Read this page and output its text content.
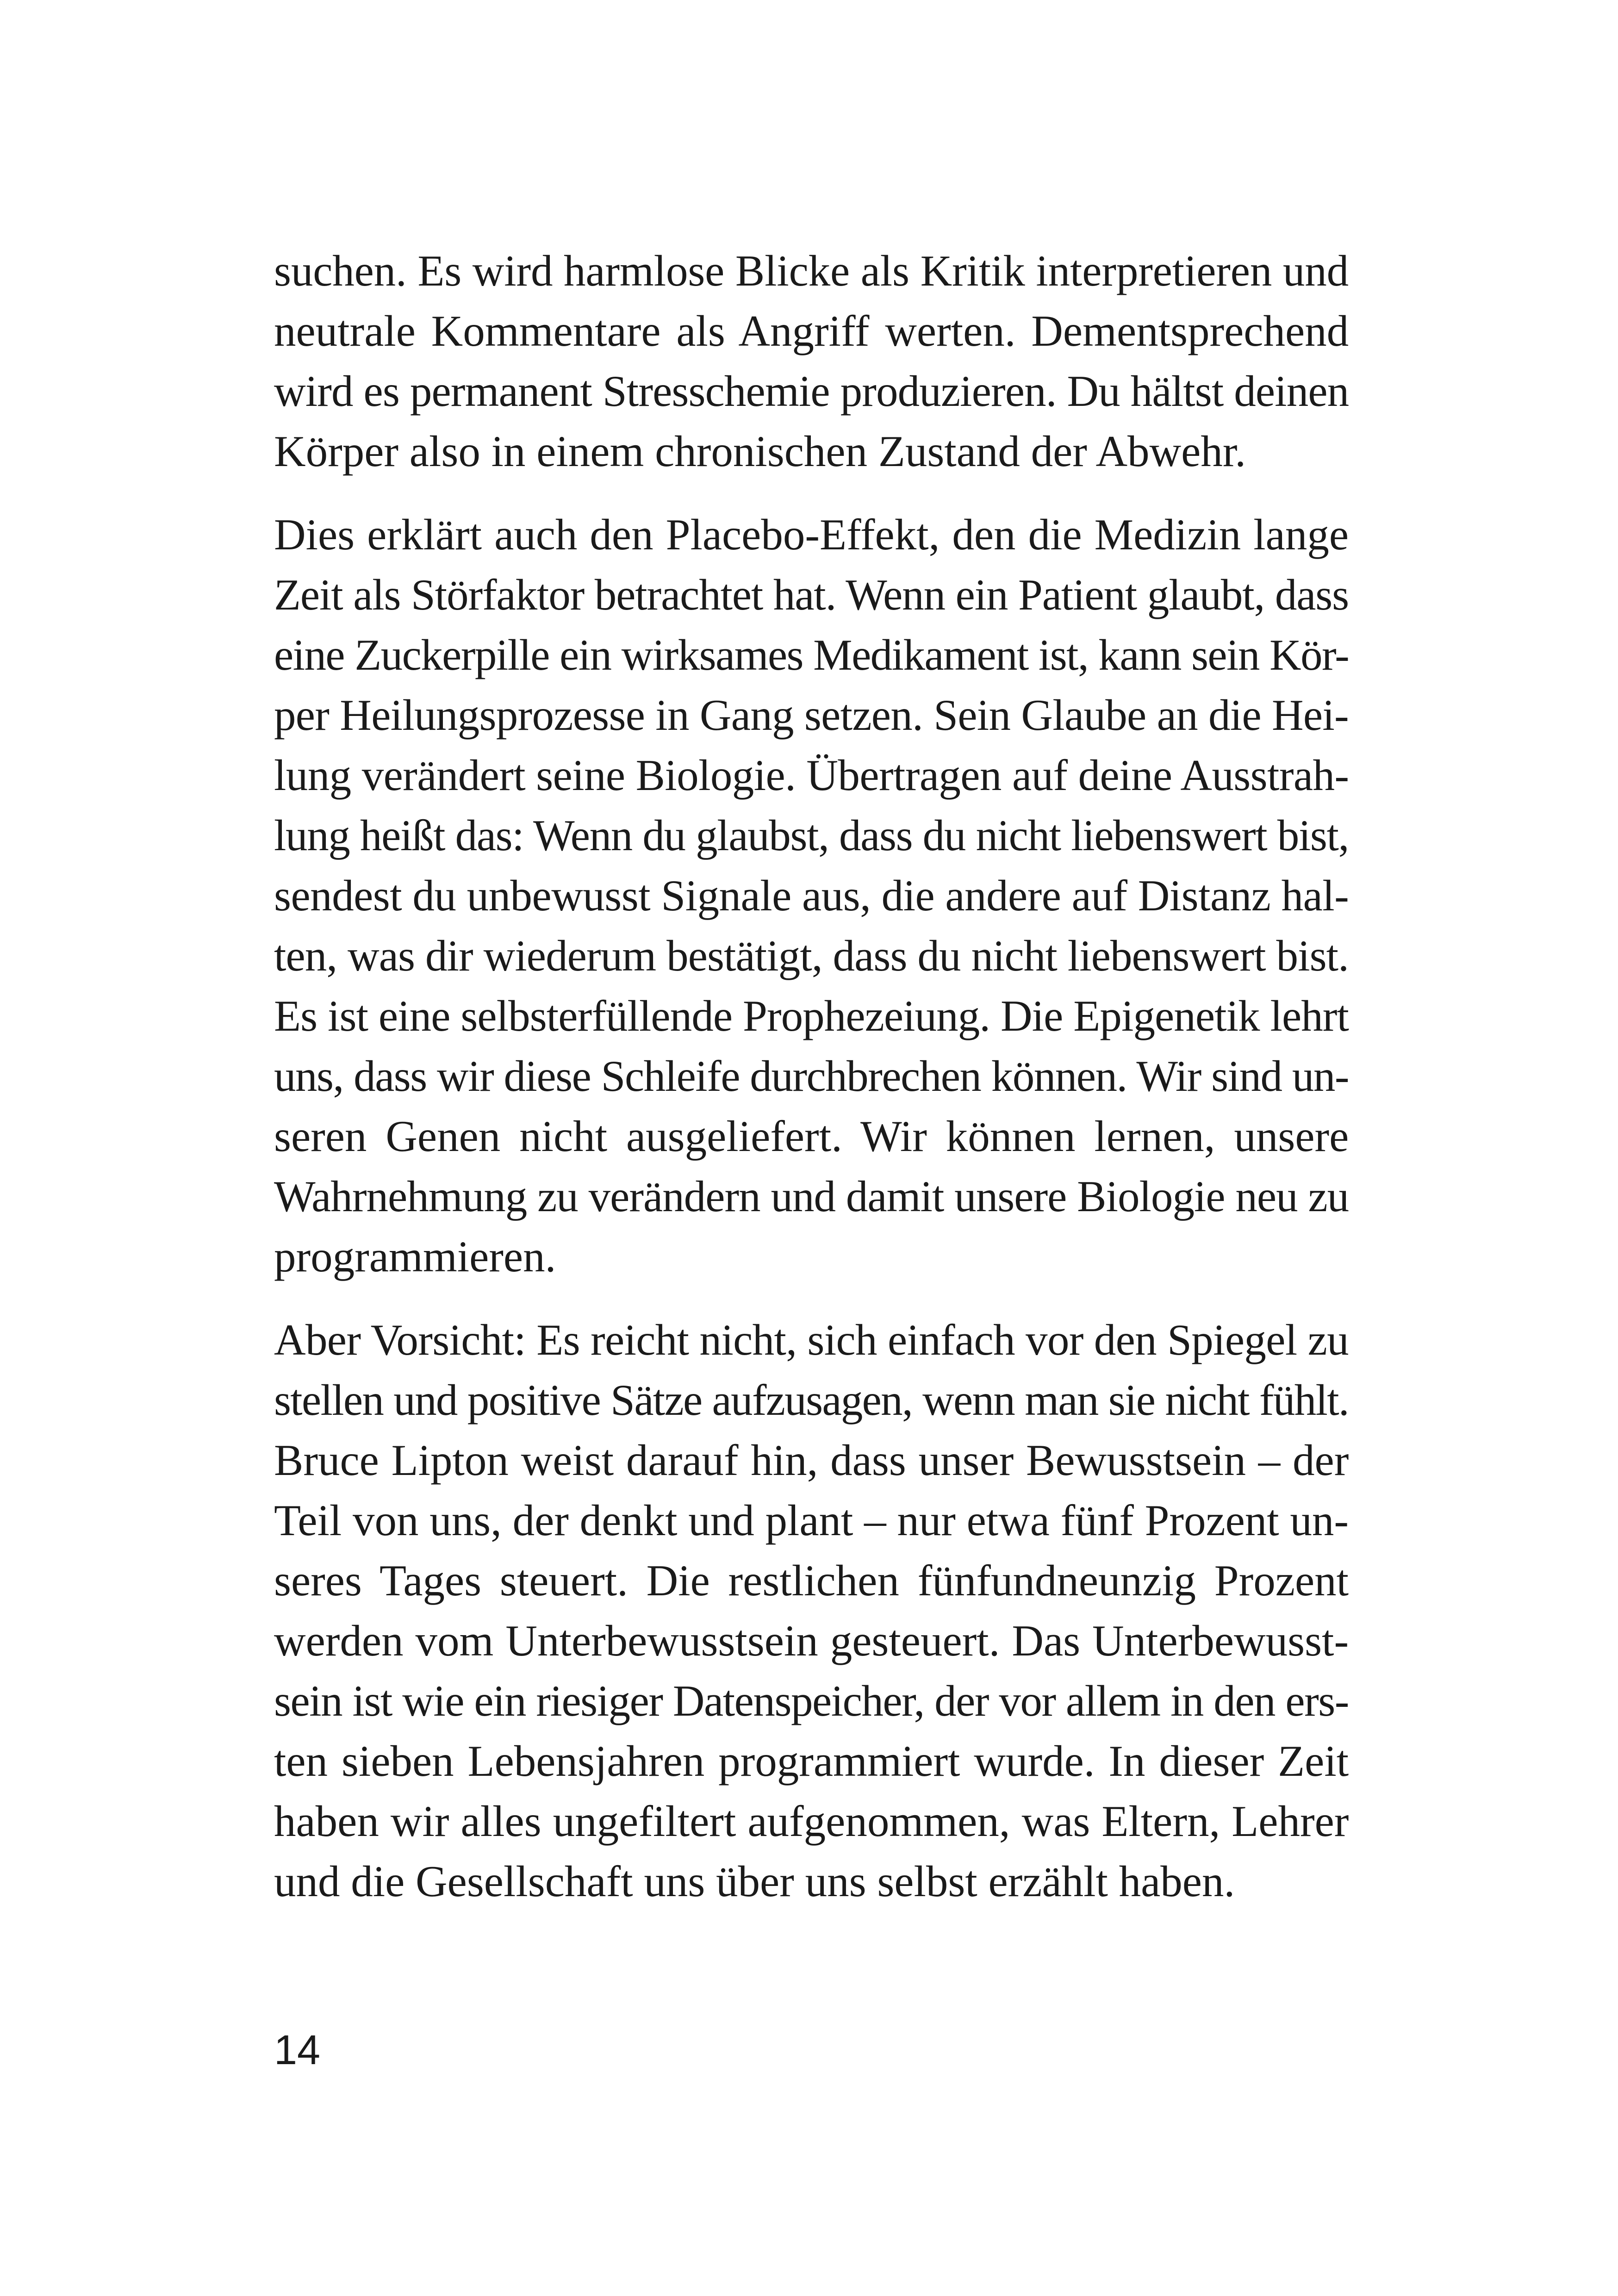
suchen. Es wird harmlose Blicke als Kritik interpretieren und
neutrale Kommentare als Angriff werten. Dementsprechend
wird es permanent Stresschemie produzieren. Du hältst deinen
Körper also in einem chronischen Zustand der Abwehr.
Dies erklärt auch den Placebo-Effekt, den die Medizin lange
Zeit als Störfaktor betrachtet hat. Wenn ein Patient glaubt, dass
eine Zuckerpille ein wirksames Medikament ist, kann sein Kör-
per Heilungsprozesse in Gang setzen. Sein Glaube an die Hei-
lung verändert seine Biologie. Übertragen auf deine Ausstrah-
lung heißt das: Wenn du glaubst, dass du nicht liebenswert bist,
sendest du unbewusst Signale aus, die andere auf Distanz hal-
ten, was dir wiederum bestätigt, dass du nicht liebenswert bist.
Es ist eine selbsterfüllende Prophezeiung. Die Epigenetik lehrt
uns, dass wir diese Schleife durchbrechen können. Wir sind un-
seren Genen nicht ausgeliefert. Wir können lernen, unsere
Wahrnehmung zu verändern und damit unsere Biologie neu zu
programmieren.
Aber Vorsicht: Es reicht nicht, sich einfach vor den Spiegel zu
stellen und positive Sätze aufzusagen, wenn man sie nicht fühlt.
Bruce Lipton weist darauf hin, dass unser Bewusstsein – der
Teil von uns, der denkt und plant – nur etwa fünf Prozent un-
seres Tages steuert. Die restlichen fünfundneunzig Prozent
werden vom Unterbewusstsein gesteuert. Das Unterbewusst-
sein ist wie ein riesiger Datenspeicher, der vor allem in den ers-
ten sieben Lebensjahren programmiert wurde. In dieser Zeit
haben wir alles ungefiltert aufgenommen, was Eltern, Lehrer
und die Gesellschaft uns über uns selbst erzählt haben.
14
